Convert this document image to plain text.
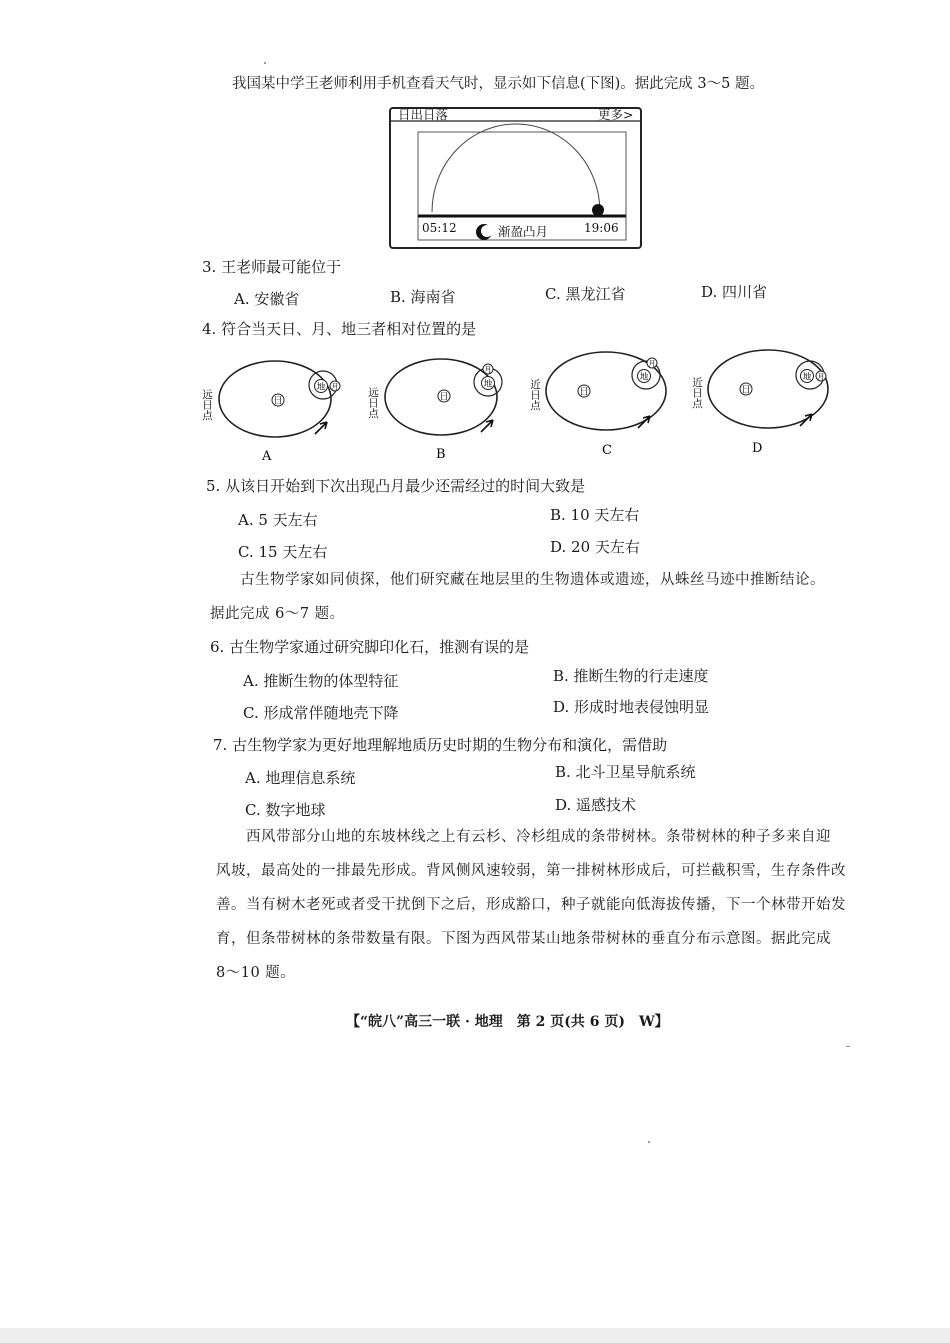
我国某中学王老师利用手机查看天气时，显示如下信息(下图)。据此完成 3～5 题。
日出日落	更多>
05:12	渐盈凸月	19:06
3. 王老师最可能位于
A. 安徽省	B. 海南省	C. 黑龙江省	D. 四川省
4. 符合当天日、月、地三者相对位置的是
远日点	日
地 月
A
远日点	日
月
地
B
近日点	日
月
地
C
近日点	日
地 月
D
5. 从该日开始到下次出现凸月最少还需经过的时间大致是
A. 5 天左右	B. 10 天左右
C. 15 天左右	D. 20 天左右
古生物学家如同侦探，他们研究藏在地层里的生物遗体或遗迹，从蛛丝马迹中推断结论。
据此完成 6～7 题。
6. 古生物学家通过研究脚印化石，推测有误的是
A. 推断生物的体型特征	B. 推断生物的行走速度
C. 形成常伴随地壳下降	D. 形成时地表侵蚀明显
7. 古生物学家为更好地理解地质历史时期的生物分布和演化，需借助
A. 地理信息系统	B. 北斗卫星导航系统
C. 数字地球	D. 遥感技术
西风带部分山地的东坡林线之上有云杉、冷杉组成的条带树林。条带树林的种子多来自迎
风坡，最高处的一排最先形成。背风侧风速较弱，第一排树林形成后，可拦截积雪，生存条件改
善。当有树木老死或者受干扰倒下之后，形成豁口，种子就能向低海拔传播，下一个林带开始发
育，但条带树林的条带数量有限。下图为西风带某山地条带树林的垂直分布示意图。据此完成
8～10 题。
【“皖八”高三一联 · 地理　第 2 页(共 6 页)　W】
